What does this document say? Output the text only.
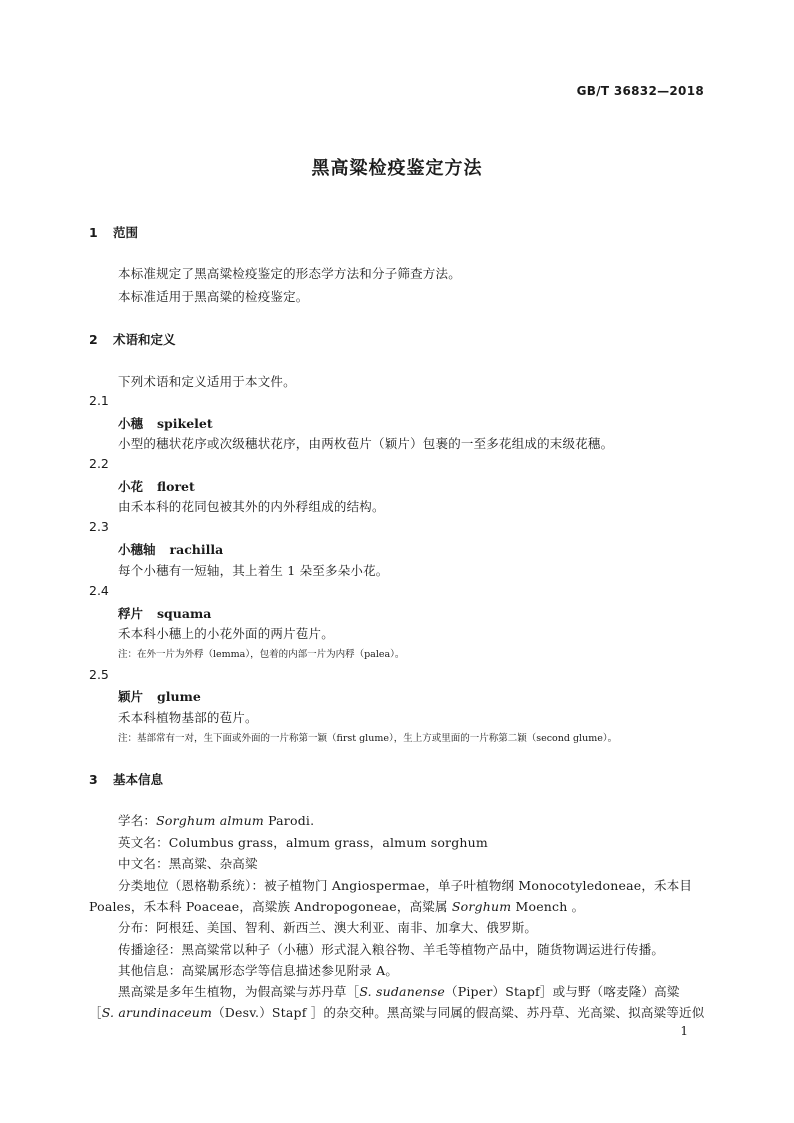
GB/T 36832—2018
黑高粱检疫鉴定方法
1 范围
本标准规定了黑高粱检疫鉴定的形态学方法和分子筛查方法。
本标准适用于黑高粱的检疫鉴定。
2 术语和定义
下列术语和定义适用于本文件。
2.1
小穗 spikelet
小型的穗状花序或次级穗状花序，由两枚苞片（颖片）包裹的一至多花组成的末级花穗。
2.2
小花 floret
由禾本科的花同包被其外的内外稃组成的结构。
2.3
小穗轴 rachilla
每个小穗有一短轴，其上着生 1 朵至多朵小花。
2.4
稃片 squama
禾本科小穗上的小花外面的两片苞片。
注：在外一片为外稃（lemma），包着的内部一片为内稃（palea）。
2.5
颖片 glume
禾本科植物基部的苞片。
注：基部常有一对，生下面或外面的一片称第一颖（first glume），生上方或里面的一片称第二颖（second glume）。
3 基本信息
学名：Sorghum almum Parodi.
英文名：Columbus grass，almum grass，almum sorghum
中文名：黑高粱、杂高粱
分类地位（恩格勒系统）：被子植物门 Angiospermae，单子叶植物纲 Monocotyledoneae，禾本目
Poales，禾本科 Poaceae，高粱族 Andropogoneae，高粱属 Sorghum Moench 。
分布：阿根廷、美国、智利、新西兰、澳大利亚、南非、加拿大、俄罗斯。
传播途径：黑高粱常以种子（小穗）形式混入粮谷物、羊毛等植物产品中，随货物调运进行传播。
其他信息：高粱属形态学等信息描述参见附录 A。
黑高粱是多年生植物，为假高粱与苏丹草［S. sudanense（Piper）Stapf］或与野（喀麦隆）高粱
［S. arundinaceum（Desv.）Stapf ］的杂交种。黑高粱与同属的假高粱、苏丹草、光高粱、拟高粱等近似
1
